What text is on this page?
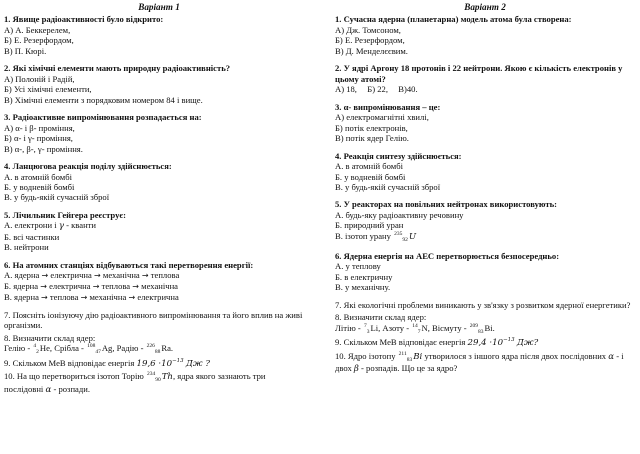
Варіант 1
1. Явище радіоактивності було відкрито:
А) А. Беккерелем,
Б) Е. Резерфордом,
В) П. Кюрі.
2. Які хімічні елементи мають природну радіоактивність?
А) Полоній і Радій,
Б) Усі хімічні елементи,
В) Хімічні елементи з порядковим номером 84 і вище.
3. Радіоактивне випромінювання розпадається на:
А) α- і β- проміння,
Б) α- і γ- проміння,
В) α-, β-, γ- проміння.
4. Ланцюгова реакція поділу здійснюється:
А. в атомній бомбі
Б. у водневій бомбі
В. у будь-якій сучасній зброї
5. Лічильник Гейгера реєструє:
А. електрони і γ - кванти
Б. всі частинки
В. нейтрони
6. На атомних станціях відбуваються такі перетворення енергії:
А. ядерна → електрична → механічна → теплова
Б. ядерна → електрична → теплова → механічна
В. ядерна → теплова → механічна → електрична
7. Поясніть іонізуючу дію радіоактивного випромінювання та його вплив на живі організми.
8. Визначити склад ядер:
Гелію - $^4_2$He, Срібла - $^{108}_{47}$Ag, Радію - $^{226}_{88}$Ra.
9. Скільком МеВ відповідає енергія $19,6 \cdot 10^{-13}$ Дж ?
10. На що перетвориться ізотоп Торію $^{234}_{90}$Th, ядра якого зазнають три
послідовні α - розпади.
Варіант 2
1. Сучасна ядерна (планетарна) модель атома була створена:
А) Дж. Томсоном,
Б) Е. Резерфордом,
В) Д. Менделєєвим.
2. У ядрі Аргону 18 протонів і 22 нейтрони. Якою є кількість електронів у цьому атомі?
А) 18, Б) 22, В)40.
3. α- випромінювання – це:
А) електромагнітні хвилі,
Б) потік електронів,
В) потік ядер Гелію.
4. Реакція синтезу здійснюється:
А. в атомній бомбі
Б. у водневій бомбі
В. у будь-якій сучасній зброї
5. У реакторах на повільних нейтронах використовують:
А. будь-яку радіоактивну речовину
Б. природний уран
В. ізотоп урану $^{235}_{92}$U
6. Ядерна енергія на АЕС перетворюється безпосередньо:
А. у теплову
Б. в електричну
В. у механічну.
7. Які екологічні проблеми виникають у зв'язку з розвитком ядерної енергетики?
8. Визначити склад ядер:
Літію - $^7_3$Li, Азоту - $^{14}_7$N, Вісмуту - $^{209}_{83}$Bi.
9. Скільком МеВ відповідає енергія $29,4 \cdot 10^{-13}$ Дж?
10. Ядро ізотопу $^{211}_{83}$Bi утворилося з іншого ядра після двох послідовних α - і двох β - розпадів. Що це за ядро?
